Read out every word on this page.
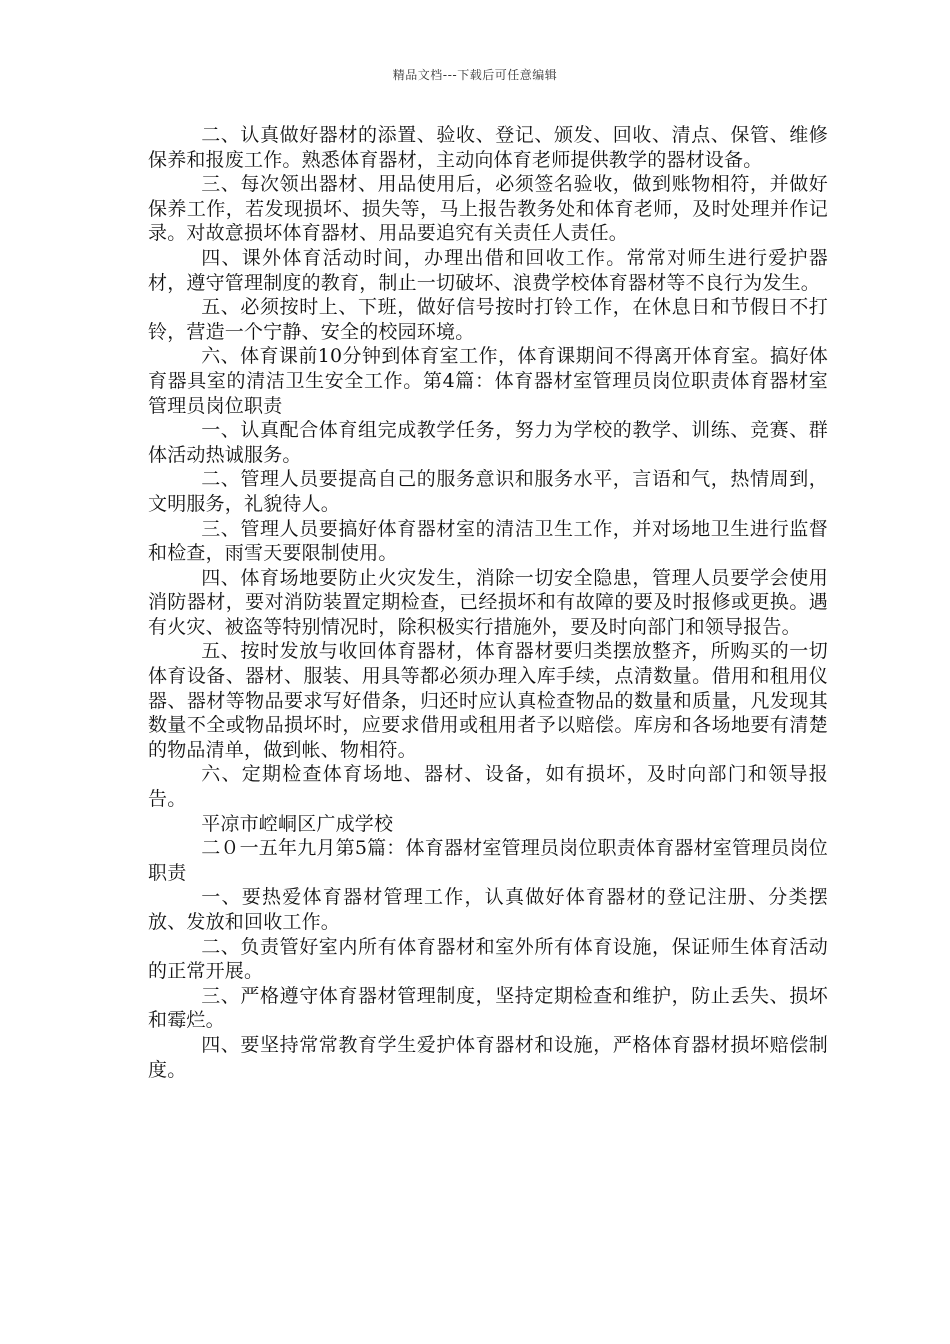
精品文档---下载后可任意编辑

二、认真做好器材的添置、验收、登记、颁发、回收、清点、保管、维修保养和报废工作。熟悉体育器材，主动向体育老师提供教学的器材设备。

三、每次领出器材、用品使用后，必须签名验收，做到账物相符，并做好保养工作，若发现损坏、损失等，马上报告教务处和体育老师，及时处理并作记录。对故意损坏体育器材、用品要追究有关责任人责任。

四、课外体育活动时间，办理出借和回收工作。常常对师生进行爱护器材，遵守管理制度的教育，制止一切破坏、浪费学校体育器材等不良行为发生。

五、必须按时上、下班，做好信号按时打铃工作，在休息日和节假日不打铃，营造一个宁静、安全的校园环境。

六、体育课前10分钟到体育室工作，体育课期间不得离开体育室。搞好体育器具室的清洁卫生安全工作。第4篇：体育器材室管理员岗位职责体育器材室管理员岗位职责

一、认真配合体育组完成教学任务，努力为学校的教学、训练、竞赛、群体活动热诚服务。

二、管理人员要提高自己的服务意识和服务水平，言语和气，热情周到，文明服务，礼貌待人。

三、管理人员要搞好体育器材室的清洁卫生工作，并对场地卫生进行监督和检查，雨雪天要限制使用。

四、体育场地要防止火灾发生，消除一切安全隐患，管理人员要学会使用消防器材，要对消防装置定期检查，已经损坏和有故障的要及时报修或更换。遇有火灾、被盗等特别情况时，除积极实行措施外，要及时向部门和领导报告。

五、按时发放与收回体育器材，体育器材要归类摆放整齐，所购买的一切体育设备、器材、服装、用具等都必须办理入库手续，点清数量。借用和租用仪器、器材等物品要求写好借条，归还时应认真检查物品的数量和质量，凡发现其数量不全或物品损坏时，应要求借用或租用者予以赔偿。库房和各场地要有清楚的物品清单，做到帐、物相符。

六、定期检查体育场地、器材、设备，如有损坏，及时向部门和领导报告。

平凉市崆峒区广成学校

二０一五年九月第5篇：体育器材室管理员岗位职责体育器材室管理员岗位职责

一、要热爱体育器材管理工作，认真做好体育器材的登记注册、分类摆放、发放和回收工作。

二、负责管好室内所有体育器材和室外所有体育设施，保证师生体育活动的正常开展。

三、严格遵守体育器材管理制度，坚持定期检查和维护，防止丢失、损坏和霉烂。

四、要坚持常常教育学生爱护体育器材和设施，严格体育器材损坏赔偿制度。
